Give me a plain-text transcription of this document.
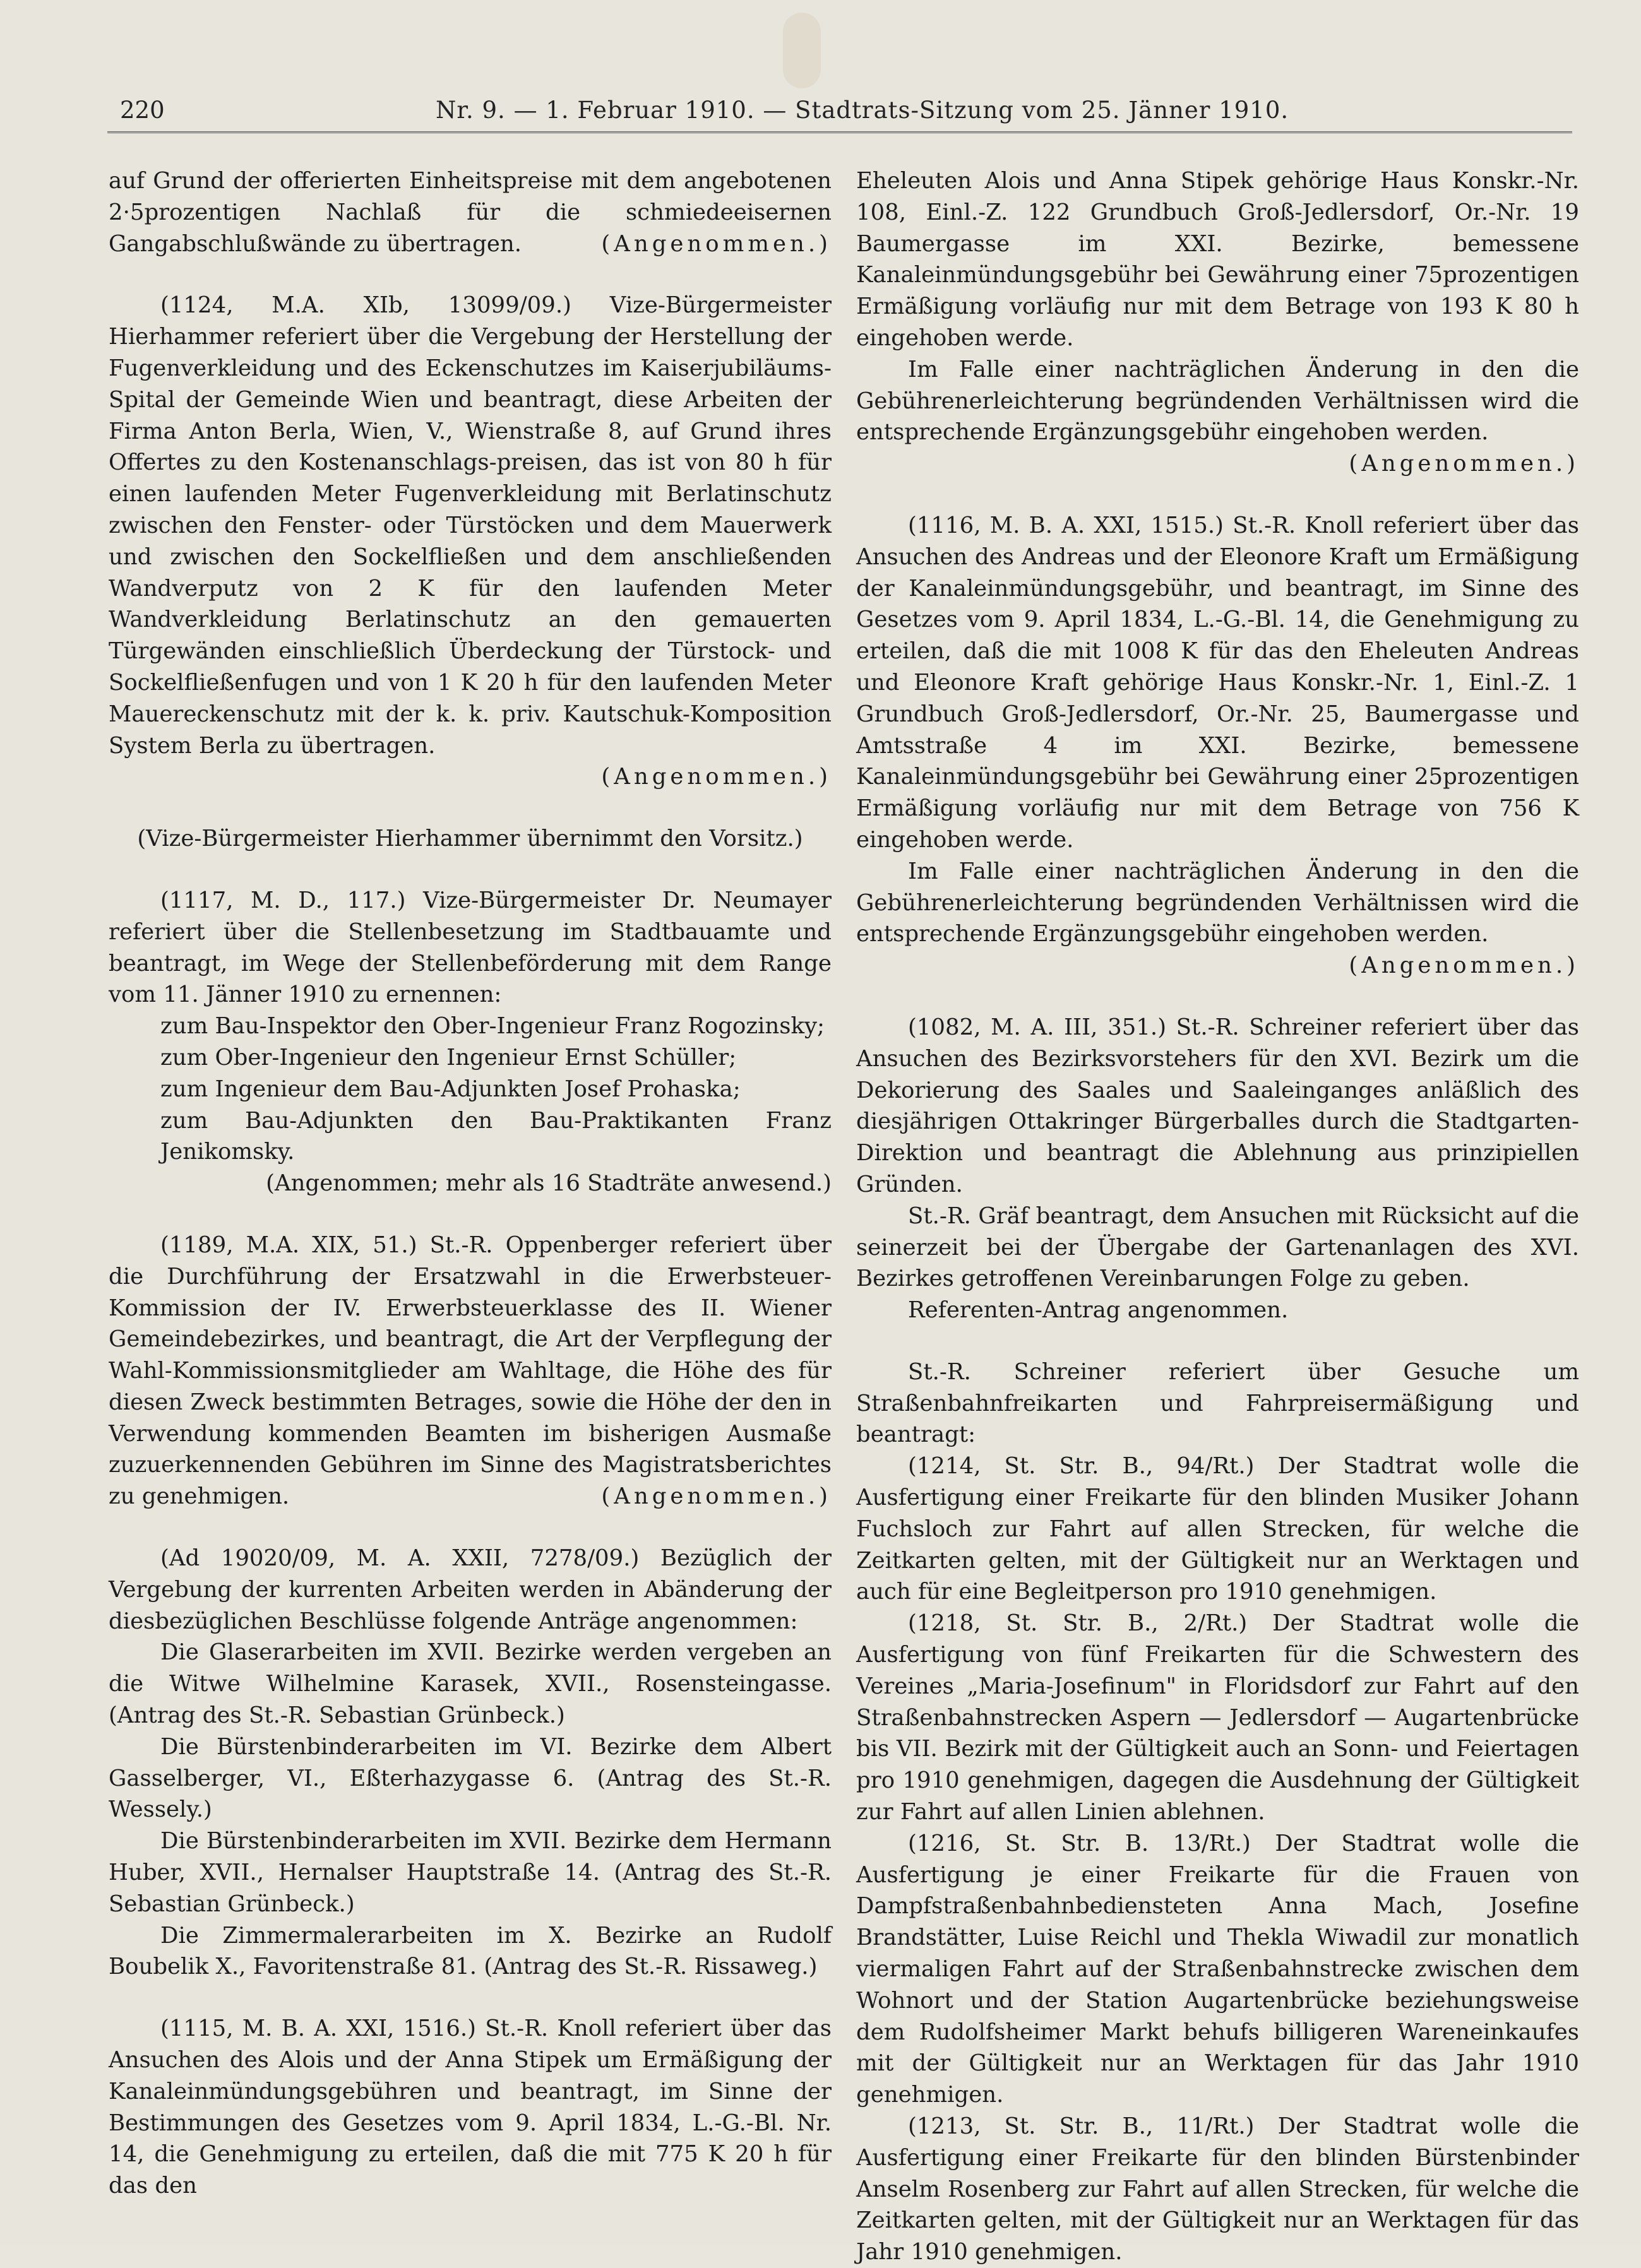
220	Nr. 9. — 1. Februar 1910. — Stadtrats-Sitzung vom 25. Jänner 1910.

auf Grund der offerierten Einheitspreise mit dem angebotenen 2·5prozentigen Nachlaß für die schmiedeeisernen Gangabschlußwände zu übertragen.	(Angenommen.)

(1124, M.A. XIb, 13099/09.) Vize-Bürgermeister Hierhammer referiert über die Vergebung der Herstellung der Fugenverkleidung und des Eckenschutzes im Kaiserjubiläums-Spital der Gemeinde Wien und beantragt, diese Arbeiten der Firma Anton Berla, Wien, V., Wienstraße 8, auf Grund ihres Offertes zu den Kostenanschlags-preisen, das ist von 80 h für einen laufenden Meter Fugenverkleidung mit Berlatinschutz zwischen den Fenster- oder Türstöcken und dem Mauerwerk und zwischen den Sockelfließen und dem anschließenden Wandverputz von 2 K für den laufenden Meter Wandverkleidung Berlatinschutz an den gemauerten Türgewänden einschließlich Überdeckung der Türstock- und Sockelfließenfugen und von 1 K 20 h für den laufenden Meter Mauereckenschutz mit der k. k. priv. Kautschuk-Komposition System Berla zu übertragen.

(Angenommen.)

(Vize-Bürgermeister Hierhammer übernimmt den Vorsitz.)

(1117, M. D., 117.) Vize-Bürgermeister Dr. Neumayer referiert über die Stellenbesetzung im Stadtbauamte und beantragt, im Wege der Stellenbeförderung mit dem Range vom 11. Jänner 1910 zu ernennen:

zum Bau-Inspektor den Ober-Ingenieur Franz Rogozinsky;

zum Ober-Ingenieur den Ingenieur Ernst Schüller;

zum Ingenieur dem Bau-Adjunkten Josef Prohaska;

zum Bau-Adjunkten den Bau-Praktikanten Franz Jenikomsky.

(Angenommen; mehr als 16 Stadträte anwesend.)

(1189, M.A. XIX, 51.) St.-R. Oppenberger referiert über die Durchführung der Ersatzwahl in die Erwerbsteuer-Kommission der IV. Erwerbsteuerklasse des II. Wiener Gemeindebezirkes, und beantragt, die Art der Verpflegung der Wahl-Kommissionsmitglieder am Wahltage, die Höhe des für diesen Zweck bestimmten Betrages, sowie die Höhe der den in Verwendung kommenden Beamten im bisherigen Ausmaße zuzuerkennenden Gebühren im Sinne des Magistratsberichtes zu genehmigen.	(Angenommen.)

(Ad 19020/09, M. A. XXII, 7278/09.) Bezüglich der Vergebung der kurrenten Arbeiten werden in Abänderung der diesbezüglichen Beschlüsse folgende Anträge angenommen:

Die Glaserarbeiten im XVII. Bezirke werden vergeben an die Witwe Wilhelmine Karasek, XVII., Rosensteingasse. (Antrag des St.-R. Sebastian Grünbeck.)

Die Bürstenbinderarbeiten im VI. Bezirke dem Albert Gasselberger, VI., Eßterhazygasse 6. (Antrag des St.-R. Wessely.)

Die Bürstenbinderarbeiten im XVII. Bezirke dem Hermann Huber, XVII., Hernalser Hauptstraße 14. (Antrag des St.-R. Sebastian Grünbeck.)

Die Zimmermalerarbeiten im X. Bezirke an Rudolf Boubelik X., Favoritenstraße 81. (Antrag des St.-R. Rissaweg.)

(1115, M. B. A. XXI, 1516.) St.-R. Knoll referiert über das Ansuchen des Alois und der Anna Stipek um Ermäßigung der Kanaleinmündungsgebühren und beantragt, im Sinne der Bestimmungen des Gesetzes vom 9. April 1834, L.-G.-Bl. Nr. 14, die Genehmigung zu erteilen, daß die mit 775 K 20 h für das den

Eheleuten Alois und Anna Stipek gehörige Haus Konskr.-Nr. 108, Einl.-Z. 122 Grundbuch Groß-Jedlersdorf, Or.-Nr. 19 Baumergasse im XXI. Bezirke, bemessene Kanaleinmündungsgebühr bei Gewährung einer 75prozentigen Ermäßigung vorläufig nur mit dem Betrage von 193 K 80 h eingehoben werde.

Im Falle einer nachträglichen Änderung in den die Gebührenerleichterung begründenden Verhältnissen wird die entsprechende Ergänzungsgebühr eingehoben werden.
(Angenommen.)

(1116, M. B. A. XXI, 1515.) St.-R. Knoll referiert über das Ansuchen des Andreas und der Eleonore Kraft um Ermäßigung der Kanaleinmündungsgebühr, und beantragt, im Sinne des Gesetzes vom 9. April 1834, L.-G.-Bl. 14, die Genehmigung zu erteilen, daß die mit 1008 K für das den Eheleuten Andreas und Eleonore Kraft gehörige Haus Konskr.-Nr. 1, Einl.-Z. 1 Grundbuch Groß-Jedlersdorf, Or.-Nr. 25, Baumergasse und Amtsstraße 4 im XXI. Bezirke, bemessene Kanaleinmündungsgebühr bei Gewährung einer 25prozentigen Ermäßigung vorläufig nur mit dem Betrage von 756 K eingehoben werde.

Im Falle einer nachträglichen Änderung in den die Gebührenerleichterung begründenden Verhältnissen wird die entsprechende Ergänzungsgebühr eingehoben werden.
(Angenommen.)

(1082, M. A. III, 351.) St.-R. Schreiner referiert über das Ansuchen des Bezirksvorstehers für den XVI. Bezirk um die Dekorierung des Saales und Saaleinganges anläßlich des diesjährigen Ottakringer Bürgerballes durch die Stadtgarten-Direktion und beantragt die Ablehnung aus prinzipiellen Gründen.

St.-R. Gräf beantragt, dem Ansuchen mit Rücksicht auf die seinerzeit bei der Übergabe der Gartenanlagen des XVI. Bezirkes getroffenen Vereinbarungen Folge zu geben.

Referenten-Antrag angenommen.

St.-R. Schreiner referiert über Gesuche um Straßenbahnfreikarten und Fahrpreisermäßigung und beantragt:

(1214, St. Str. B., 94/Rt.) Der Stadtrat wolle die Ausfertigung einer Freikarte für den blinden Musiker Johann Fuchsloch zur Fahrt auf allen Strecken, für welche die Zeitkarten gelten, mit der Gültigkeit nur an Werktagen und auch für eine Begleitperson pro 1910 genehmigen.

(1218, St. Str. B., 2/Rt.) Der Stadtrat wolle die Ausfertigung von fünf Freikarten für die Schwestern des Vereines „Maria-Josefinum" in Floridsdorf zur Fahrt auf den Straßenbahnstrecken Aspern — Jedlersdorf — Augartenbrücke bis VII. Bezirk mit der Gültigkeit auch an Sonn- und Feiertagen pro 1910 genehmigen, dagegen die Ausdehnung der Gültigkeit zur Fahrt auf allen Linien ablehnen.

(1216, St. Str. B. 13/Rt.) Der Stadtrat wolle die Ausfertigung je einer Freikarte für die Frauen von Dampfstraßenbahnbediensteten Anna Mach, Josefine Brandstätter, Luise Reichl und Thekla Wiwadil zur monatlich viermaligen Fahrt auf der Straßenbahnstrecke zwischen dem Wohnort und der Station Augartenbrücke beziehungsweise dem Rudolfsheimer Markt behufs billigeren Wareneinkaufes mit der Gültigkeit nur an Werktagen für das Jahr 1910 genehmigen.

(1213, St. Str. B., 11/Rt.) Der Stadtrat wolle die Ausfertigung einer Freikarte für den blinden Bürstenbinder Anselm Rosenberg zur Fahrt auf allen Strecken, für welche die Zeitkarten gelten, mit der Gültigkeit nur an Werktagen für das Jahr 1910 genehmigen.
